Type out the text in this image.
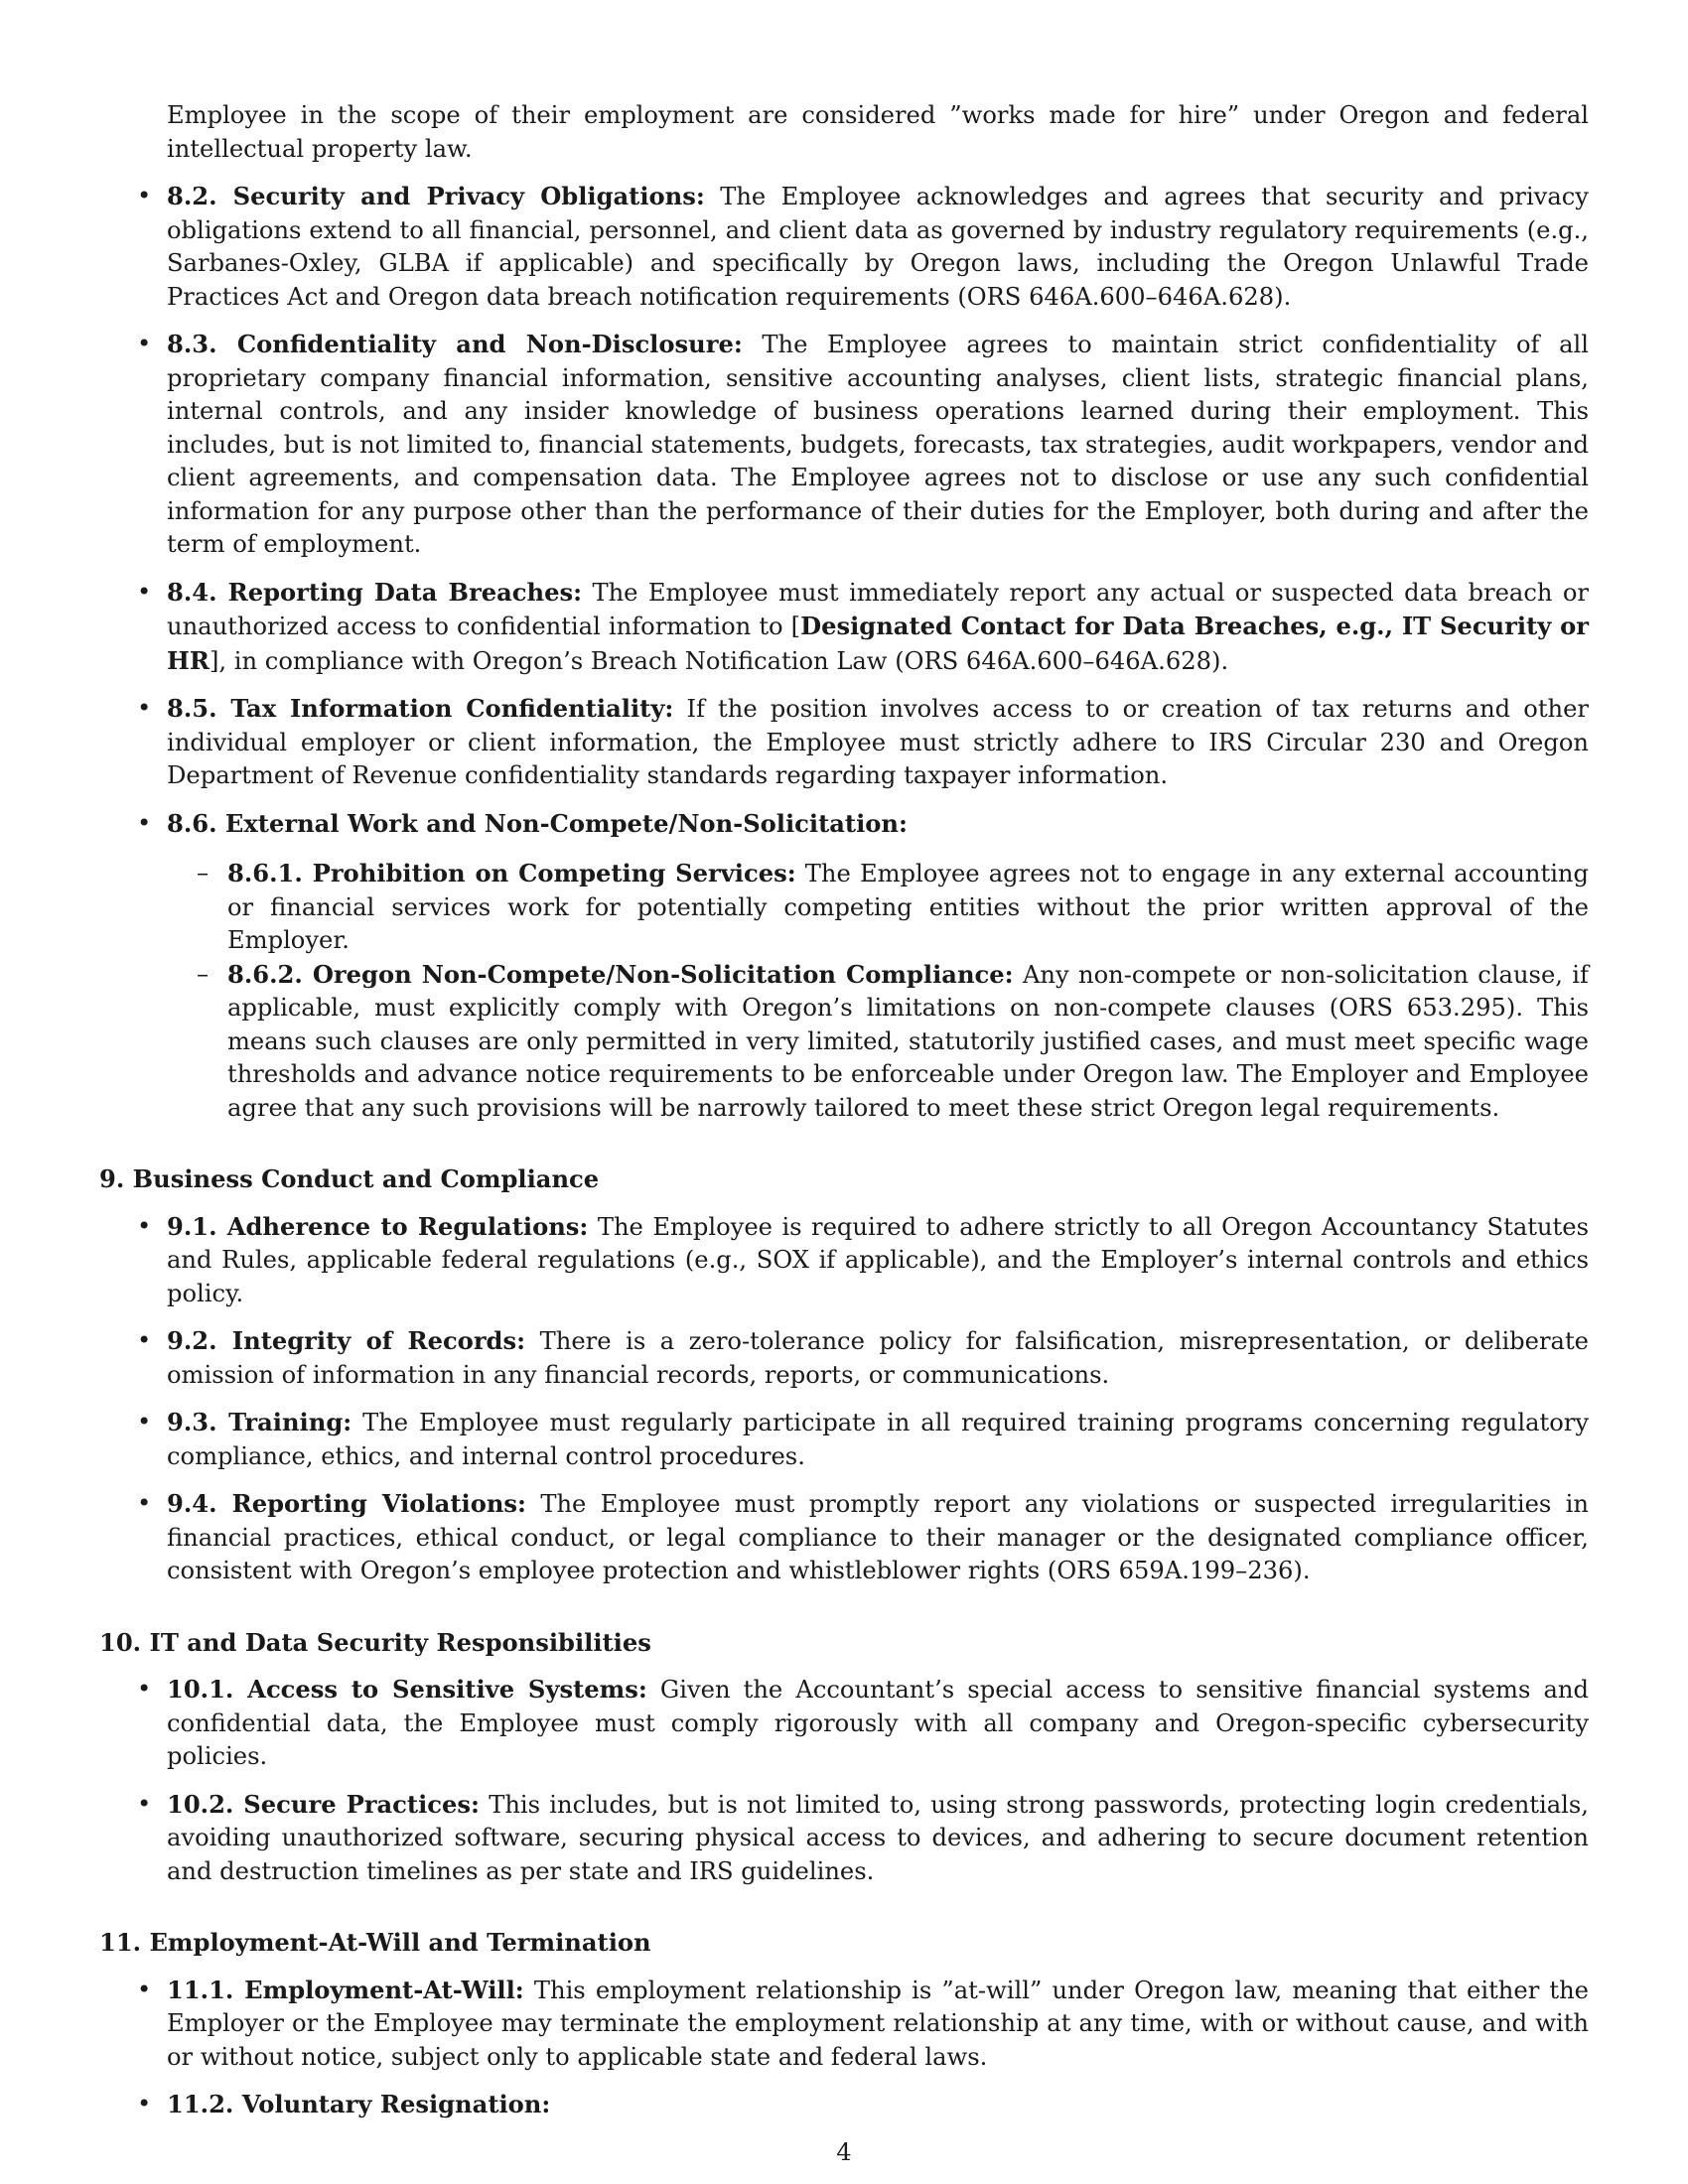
Employee in the scope of their employment are considered ”works made for hire” under Oregon and federal intellectual property law.

• 8.2. Security and Privacy Obligations: The Employee acknowledges and agrees that security and privacy obligations extend to all financial, personnel, and client data as governed by industry regulatory requirements (e.g., Sarbanes-Oxley, GLBA if applicable) and specifically by Oregon laws, including the Oregon Unlawful Trade Practices Act and Oregon data breach notification requirements (ORS 646A.600–646A.628).
• 8.3. Confidentiality and Non-Disclosure: The Employee agrees to maintain strict confidentiality of all proprietary company financial information, sensitive accounting analyses, client lists, strategic financial plans, internal controls, and any insider knowledge of business operations learned during their employment. This includes, but is not limited to, financial statements, budgets, forecasts, tax strategies, audit workpapers, vendor and client agreements, and compensation data. The Employee agrees not to disclose or use any such confidential information for any purpose other than the performance of their duties for the Employer, both during and after the term of employment.
• 8.4. Reporting Data Breaches: The Employee must immediately report any actual or suspected data breach or unauthorized access to confidential information to [Designated Contact for Data Breaches, e.g., IT Security or HR], in compliance with Oregon’s Breach Notification Law (ORS 646A.600–646A.628).
• 8.5. Tax Information Confidentiality: If the position involves access to or creation of tax returns and other individual employer or client information, the Employee must strictly adhere to IRS Circular 230 and Oregon Department of Revenue confidentiality standards regarding taxpayer information.
• 8.6. External Work and Non-Compete/Non-Solicitation:
– 8.6.1. Prohibition on Competing Services: The Employee agrees not to engage in any external accounting or financial services work for potentially competing entities without the prior written approval of the Employer.
– 8.6.2. Oregon Non-Compete/Non-Solicitation Compliance: Any non-compete or non-solicitation clause, if applicable, must explicitly comply with Oregon’s limitations on non-compete clauses (ORS 653.295). This means such clauses are only permitted in very limited, statutorily justified cases, and must meet specific wage thresholds and advance notice requirements to be enforceable under Oregon law. The Employer and Employee agree that any such provisions will be narrowly tailored to meet these strict Oregon legal requirements.

9. Business Conduct and Compliance

• 9.1. Adherence to Regulations: The Employee is required to adhere strictly to all Oregon Accountancy Statutes and Rules, applicable federal regulations (e.g., SOX if applicable), and the Employer’s internal controls and ethics policy.
• 9.2. Integrity of Records: There is a zero-tolerance policy for falsification, misrepresentation, or deliberate omission of information in any financial records, reports, or communications.
• 9.3. Training: The Employee must regularly participate in all required training programs concerning regulatory compliance, ethics, and internal control procedures.
• 9.4. Reporting Violations: The Employee must promptly report any violations or suspected irregularities in financial practices, ethical conduct, or legal compliance to their manager or the designated compliance officer, consistent with Oregon’s employee protection and whistleblower rights (ORS 659A.199–236).

10. IT and Data Security Responsibilities

• 10.1. Access to Sensitive Systems: Given the Accountant’s special access to sensitive financial systems and confidential data, the Employee must comply rigorously with all company and Oregon-specific cybersecurity policies.
• 10.2. Secure Practices: This includes, but is not limited to, using strong passwords, protecting login credentials, avoiding unauthorized software, securing physical access to devices, and adhering to secure document retention and destruction timelines as per state and IRS guidelines.

11. Employment-At-Will and Termination

• 11.1. Employment-At-Will: This employment relationship is ”at-will” under Oregon law, meaning that either the Employer or the Employee may terminate the employment relationship at any time, with or without cause, and with or without notice, subject only to applicable state and federal laws.
• 11.2. Voluntary Resignation:
4
